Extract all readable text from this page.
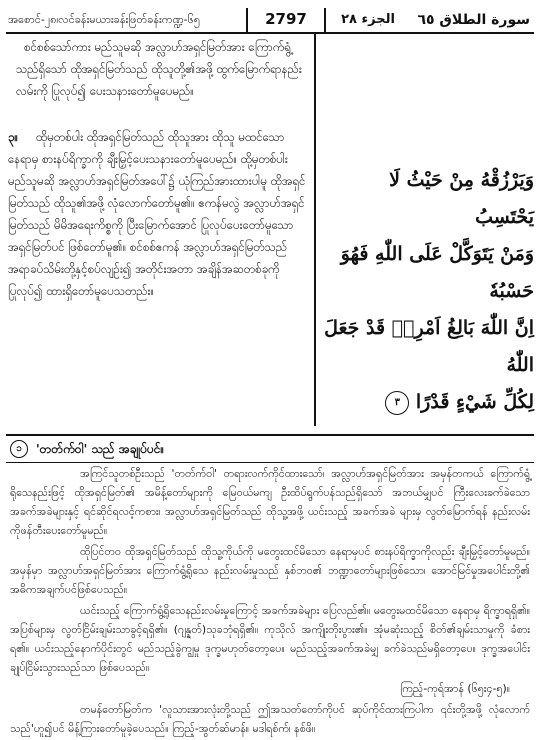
အစောင်-၂၈၊လင်ခန်းမယားခန်းဖြတ်ခန်းကဏ္ဍ-၆၅	2797	الجزء ٢٨	سورة الطلاق ٦٥

စင်စစ်သော်ကား မည်သူမဆို အလ္လာဟ်အရှင်မြတ်အား ကြောက်ရွံ့သည်ရှိသော် ထိုအရှင်မြတ်သည် ထိုသူတို့၏အဖို့ ထွက်မြောက်ရာနည်းလမ်းကို ပြုလုပ်၍ ပေးသနားတော်မူပေမည်။

၃။ ထိုမှတစ်ပါး ထိုအရှင်မြတ်သည် ထိုသူအား ထိုသူ မထင်သောနေရာမှ စားနပ်ရိက္ခာကို ချီးမြှင့်ပေးသနားတော်မူပေမည်။ ထို့မှတစ်ပါး မည်သူမဆို အလ္လာဟ်အရှင်မြတ်အပေါ်၌ ယုံကြည်အားထားပါမူ ထိုအရှင်မြတ်သည် ထိုသူ၏အဖို့ လုံလောက်တော်မူ၏။ ဧကန်မလွဲ အလ္လာဟ်အရှင်မြတ်သည် မိမိအရေးကိစ္စကို ပြီးမြောက်အောင် ပြုလုပ်ပေးတော်မူသော အရှင်မြတ်ပင် ဖြစ်တော်မူ၏။ စင်စစ်ဧကန် အလ္လာဟ်အရှင်မြတ်သည် အရာခပ်သိမ်းတို့နှင့်စပ်လျဉ်း၍ အတိုင်းအတာ အချိန်အဆတစ်ခုကို ပြုလုပ်၍ ထားရှိတော်မူပေသတည်း။

وَيَرْزُقْهُ مِنْ حَيْثُ لَا يَحْتَسِبُ
وَمَنْ يَتَوَكَّلْ عَلَى اللّٰهِ فَهُوَ حَسْبُهٗ
اِنَّ اللّٰهَ بَالِغُ اَمْرِهٖ قَدْ جَعَلَ اللّٰهُ
لِكُلِّ شَيْءٍ قَدْرًا ٣
၁	'တတ်က်ဝါ' သည် အချုပ်ပင်။

အကြင်သူတစ်ဦးသည် 'တတ်က်ဝါ' တရားလက်ကိုင်ထားသော်၊ အလ္လာဟ်အရှင်မြတ်အား အမှန်တကယ် ကြောက်ရွံ့ရိုသေနည်းဖြင့် ထိုအရှင်မြတ်၏ အမိန့်တော်များကို မြေဝယ်မကျ ဦးထိပ်ရွက်ပန်သည်ရှိသော် အဘယ်မျှပင် ကြီးလေးခက်ခဲသော အခက်အခဲများနှင့် ရင်ဆိုင်ရလင့်ကစား၊ အလ္လာဟ်အရှင်မြတ်သည် ထိုသူ့အဖို့ ယင်းသည့် အခက်အခဲ များမှ လွတ်မြောက်ရန် နည်းလမ်းကိုဖန်တီးပေးတော်မူမည်။

ထိုပြင်တဝ ထိုအရှင်မြတ်သည် ထိုသူ့ကိုယ်ကို မတွေးထင်မိသော နေရာမှပင် စားနပ်ရိက္ခာကိုလည်း ချီးမြှင့်တော်မူမည်။ အမှန်မှာ အလ္လာဟ်အရှင်မြတ်အား ကြောက်ရွံ့ရိုသေ နည်းလမ်းမှုသည် နှစ်ဘဝ၏ ဘဏ္ဍာတော်များဖြစ်သော၊ အောင်မြင်မှုအပေါင်းတို့၏ အဓိကအချက်ပင်ဖြစ်ပေသည်။

ယင်းသည့် ကြောက်ရွံ့ရိုသေနည်းလမ်းမှုကြောင့် အခက်အခဲများ ပြေလည်၏။ မတွေးမထင်မိသော နေရာမှ ရိက္ခာရရှိ၏။ အပြစ်များမှ လွတ်ငြိမ်းချမ်းသာခွင့်ရရှိ၏။ (ဂျန္နတ်)သုခဘုံရရှိ၏။ ကုသိုလ် အကျိုးတိုးပွား၏။ အုံမဆုံးသည့် စိတ်၏ချမ်းသာမှုကို ခံစားရ၏။ ယင်းသည့်နောက်ပိုင်းတွင် မည်သည့်ခွဲကျွမှု ဒုက္ခမဟုတ်တော့ပေ။ မည်သည့်အခက်အခဲမျှ ခက်ခဲသည်မရှိတော့ပေ။ ဒုက္ခအပေါင်း ချုပ်ငြိမ်းသွားသည်သာ ဖြစ်ပေသည်။

ကြည့်-ကုရ်အာန် (၆၅း၄-၅)။

တမန်တော်မြတ်က 'လူသားအားလုံးတို့သည် ဤအသတ်တော်ကိုပင် ဆုပ်ကိုင်ထားကြပါက ၎င်းတို့အဖို့ လုံလောက်သည်'ဟူ၍ပင် မိန့်ကြားတော်မူခဲ့ပေသည်။ ကြည့်-အွတ်ဆ်မာန်။ မဒါရစ်က်၊ နစ်ဖိ။
